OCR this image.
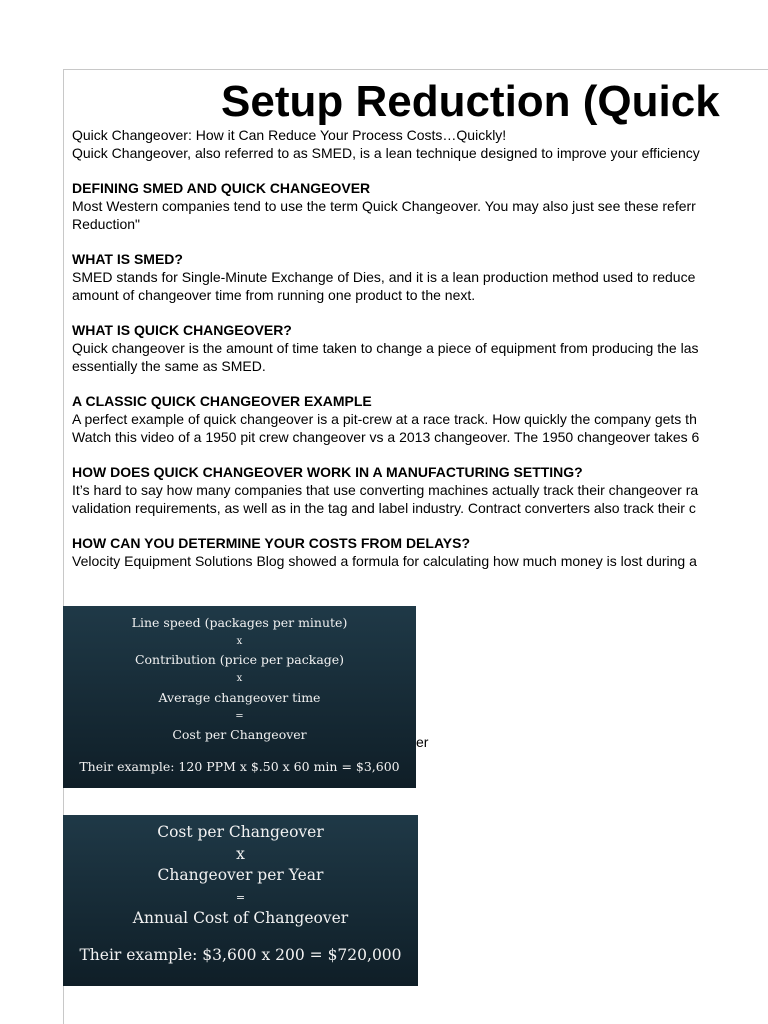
Setup Reduction (Quick
Quick Changeover: How it Can Reduce Your Process Costs…Quickly!
Quick Changeover, also referred to as SMED, is a lean technique designed to improve your efficiency
DEFINING SMED AND QUICK CHANGEOVER
Most Western companies tend to use the term Quick Changeover. You may also just see these referr
Reduction"
WHAT IS SMED?
SMED stands for Single-Minute Exchange of Dies, and it is a lean production method used to reduce
amount of changeover time from running one product to the next.
WHAT IS QUICK CHANGEOVER?
Quick changeover is the amount of time taken to change a piece of equipment from producing the las
essentially the same as SMED.
A CLASSIC QUICK CHANGEOVER EXAMPLE
A perfect example of quick changeover is a pit-crew at a race track. How quickly the company gets th
Watch this video of a 1950 pit crew changeover vs a 2013 changeover. The 1950 changeover takes 6
HOW DOES QUICK CHANGEOVER WORK IN A MANUFACTURING SETTING?
It’s hard to say how many companies that use converting machines actually track their changeover ra
validation requirements, as well as in the tag and label industry. Contract converters also track their c
HOW CAN YOU DETERMINE YOUR COSTS FROM DELAYS?
Velocity Equipment Solutions Blog showed a formula for calculating how much money is lost during a
er
Line speed (packages per minute)
x
Contribution (price per package)
x
Average changeover time
=
Cost per Changeover
Their example: 120 PPM x $.50 x 60 min = $3,600
Cost per Changeover
x
Changeover per Year
=
Annual Cost of Changeover
Their example: $3,600 x 200 = $720,000
